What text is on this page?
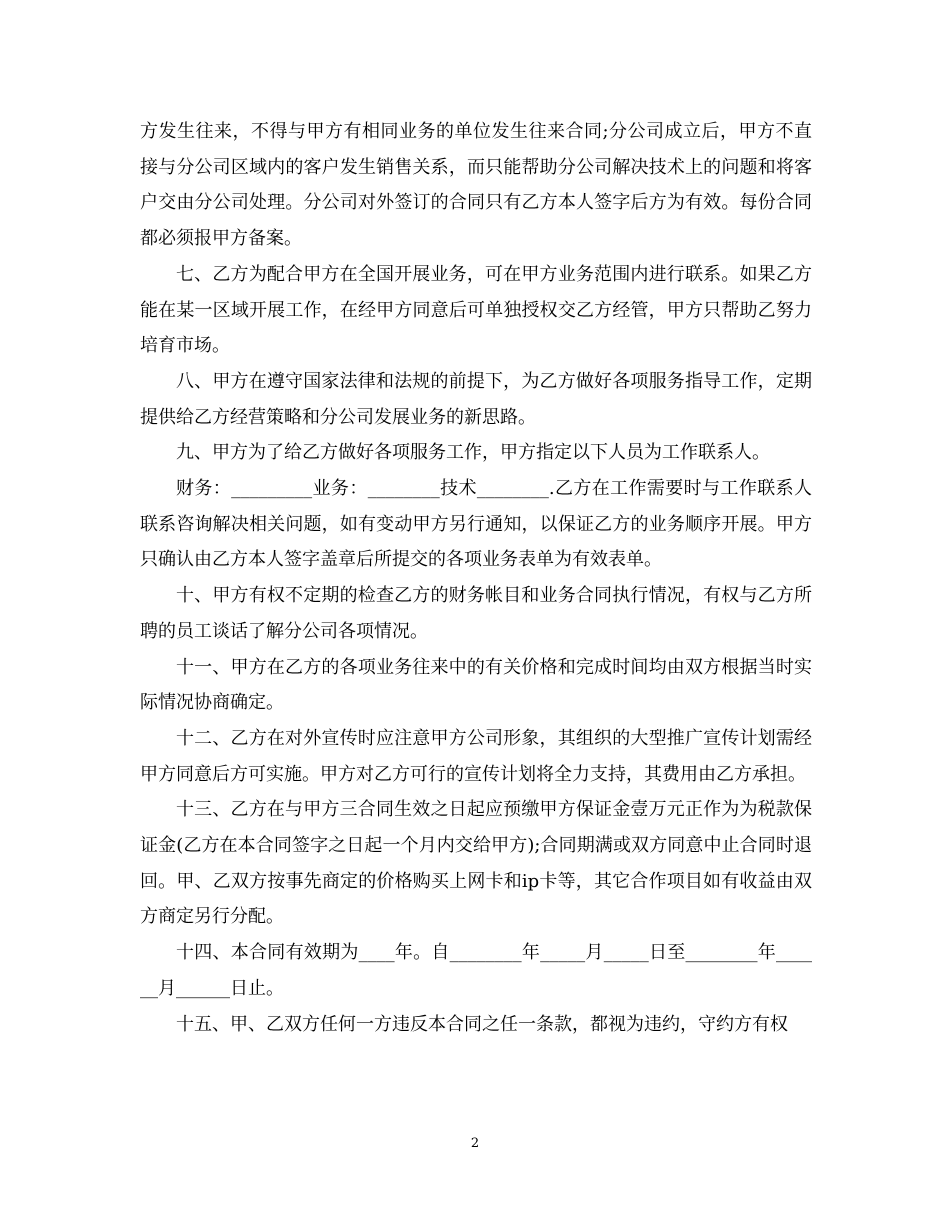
方发生往来，不得与甲方有相同业务的单位发生往来合同;分公司成立后，甲方不直接与分公司区域内的客户发生销售关系，而只能帮助分公司解决技术上的问题和将客户交由分公司处理。分公司对外签订的合同只有乙方本人签字后方为有效。每份合同都必须报甲方备案。

七、乙方为配合甲方在全国开展业务，可在甲方业务范围内进行联系。如果乙方能在某一区域开展工作，在经甲方同意后可单独授权交乙方经管，甲方只帮助乙努力培育市场。

八、甲方在遵守国家法律和法规的前提下，为乙方做好各项服务指导工作，定期提供给乙方经营策略和分公司发展业务的新思路。

九、甲方为了给乙方做好各项服务工作，甲方指定以下人员为工作联系人。

财务：_________业务：________技术________.乙方在工作需要时与工作联系人联系咨询解决相关问题，如有变动甲方另行通知，以保证乙方的业务顺序开展。甲方只确认由乙方本人签字盖章后所提交的各项业务表单为有效表单。

十、甲方有权不定期的检查乙方的财务帐目和业务合同执行情况，有权与乙方所聘的员工谈话了解分公司各项情况。

十一、甲方在乙方的各项业务往来中的有关价格和完成时间均由双方根据当时实际情况协商确定。

十二、乙方在对外宣传时应注意甲方公司形象，其组织的大型推广宣传计划需经甲方同意后方可实施。甲方对乙方可行的宣传计划将全力支持，其费用由乙方承担。

十三、乙方在与甲方三合同生效之日起应预缴甲方保证金壹万元正作为为税款保证金(乙方在本合同签字之日起一个月内交给甲方);合同期满或双方同意中止合同时退回。甲、乙双方按事先商定的价格购买上网卡和ip卡等，其它合作项目如有收益由双方商定另行分配。

十四、本合同有效期为____年。自________年_____月_____日至________年______月______日止。

十五、甲、乙双方任何一方违反本合同之任一条款，都视为违约，守约方有权

2
